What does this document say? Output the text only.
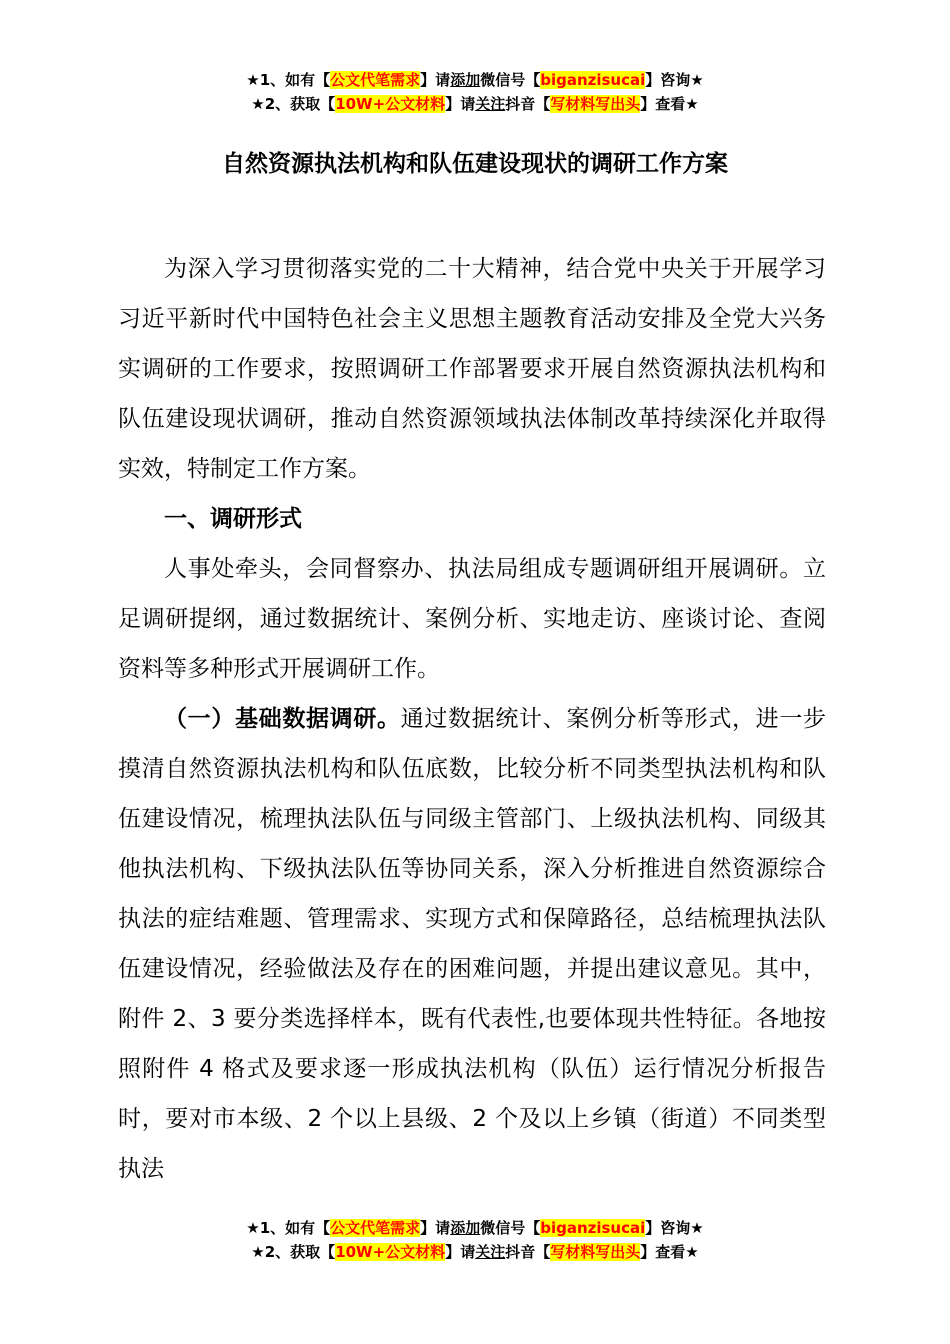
★1、如有【公文代笔需求】请添加微信号【biganzisucai】咨询★
★2、获取【10W+公文材料】请关注抖音【写材料写出头】查看★
自然资源执法机构和队伍建设现状的调研工作方案

为深入学习贯彻落实党的二十大精神，结合党中央关于开展学习习近平新时代中国特色社会主义思想主题教育活动安排及全党大兴务实调研的工作要求，按照调研工作部署要求开展自然资源执法机构和队伍建设现状调研，推动自然资源领域执法体制改革持续深化并取得实效，特制定工作方案。

一、调研形式

人事处牵头，会同督察办、执法局组成专题调研组开展调研。立足调研提纲，通过数据统计、案例分析、实地走访、座谈讨论、查阅资料等多种形式开展调研工作。

（一）基础数据调研。通过数据统计、案例分析等形式，进一步摸清自然资源执法机构和队伍底数，比较分析不同类型执法机构和队伍建设情况，梳理执法队伍与同级主管部门、上级执法机构、同级其他执法机构、下级执法队伍等协同关系，深入分析推进自然资源综合执法的症结难题、管理需求、实现方式和保障路径，总结梳理执法队伍建设情况，经验做法及存在的困难问题，并提出建议意见。其中，附件 2、3 要分类选择样本，既有代表性,也要体现共性特征。各地按照附件 4 格式及要求逐一形成执法机构（队伍）运行情况分析报告时，要对市本级、2 个以上县级、2 个及以上乡镇（街道）不同类型执法

★1、如有【公文代笔需求】请添加微信号【biganzisucai】咨询★
★2、获取【10W+公文材料】请关注抖音【写材料写出头】查看★
